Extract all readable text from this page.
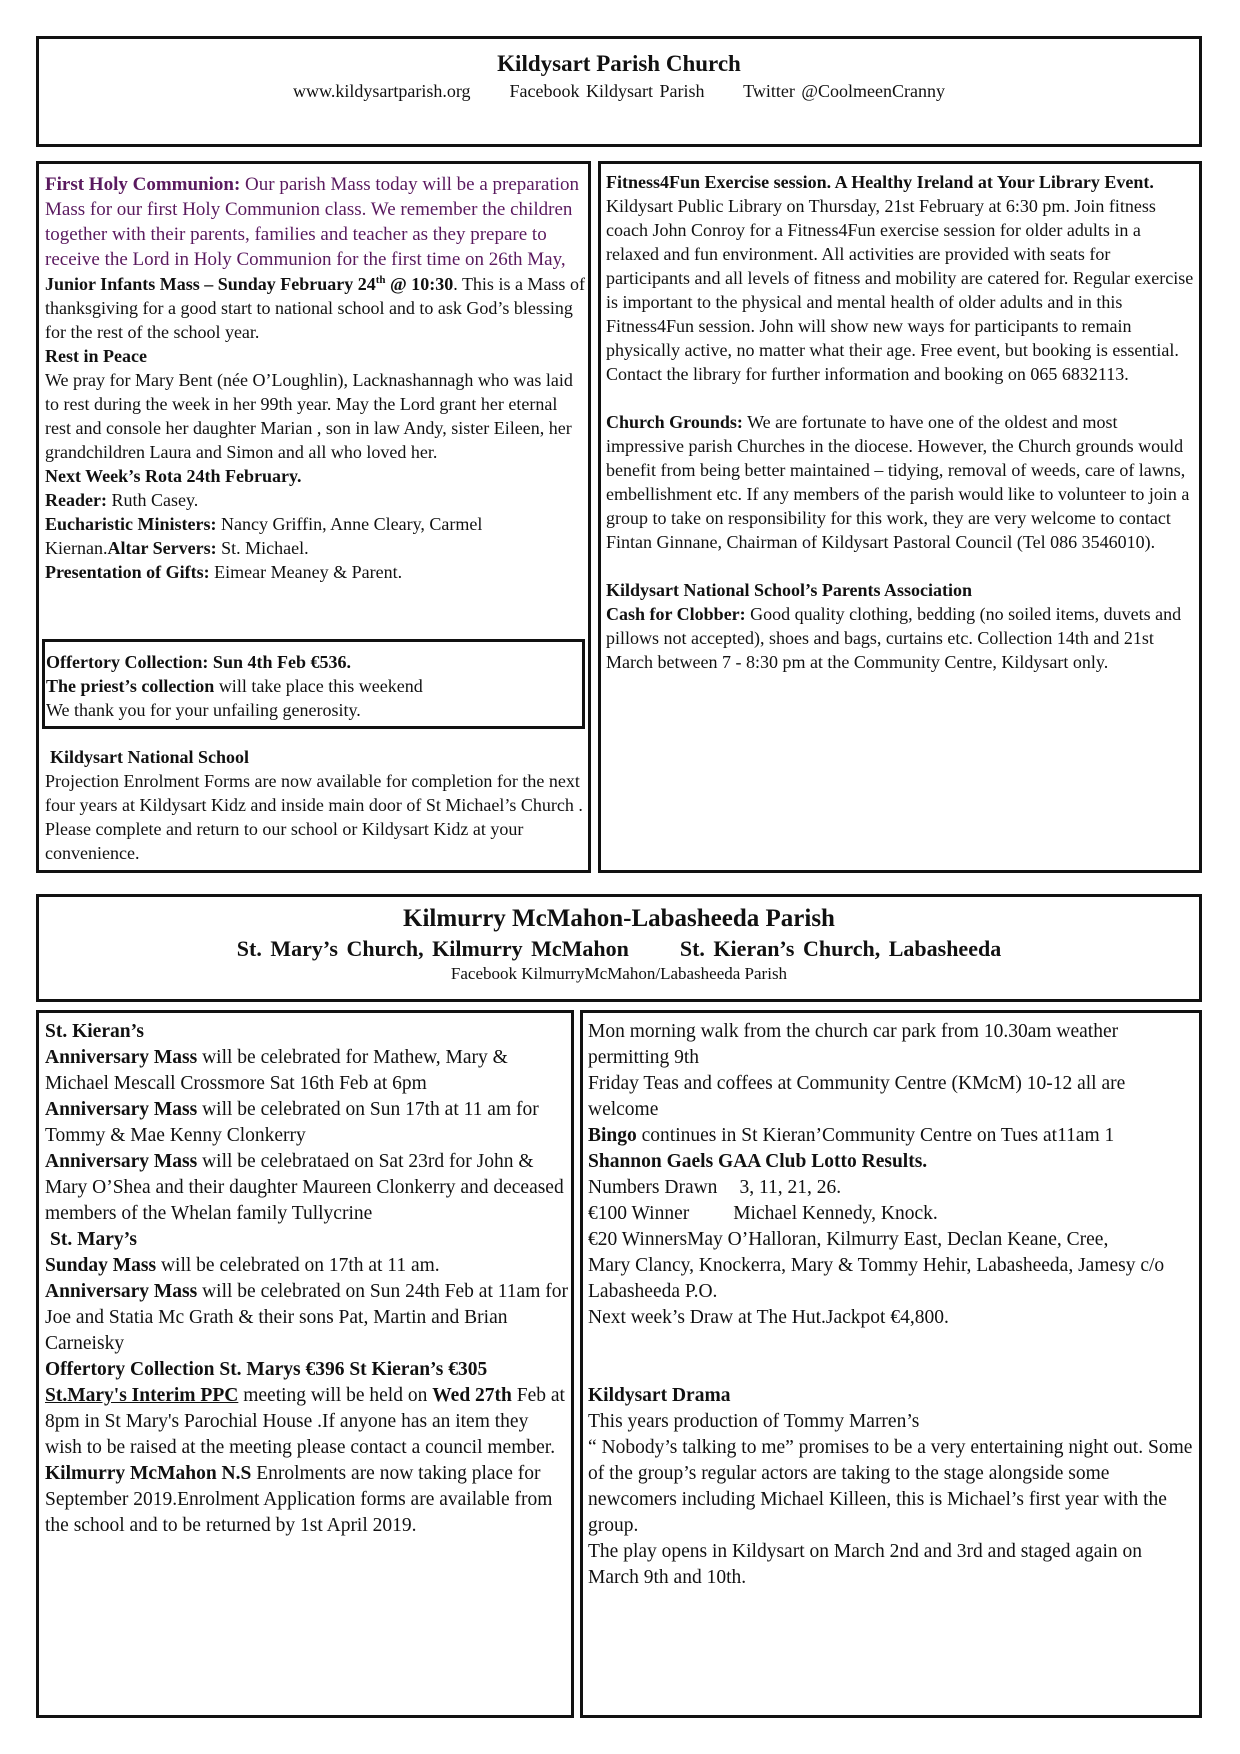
Kildysart Parish Church
www.kildysartparish.org Facebook Kildysart Parish Twitter @CoolmeenCranny

First Holy Communion: Our parish Mass today will be a preparation Mass for our first Holy Communion class. We remember the children together with their parents, families and teacher as they prepare to receive the Lord in Holy Communion for the first time on 26th May,

Junior Infants Mass – Sunday February 24th @ 10:30. This is a Mass of thanksgiving for a good start to national school and to ask God’s blessing for the rest of the school year.

Rest in Peace

We pray for Mary Bent (née O’Loughlin), Lacknashannagh who was laid to rest during the week in her 99th year. May the Lord grant her eternal rest and console her daughter Marian , son in law Andy, sister Eileen, her grandchildren Laura and Simon and all who loved her.

Next Week’s Rota 24th February.

Reader: Ruth Casey.

Eucharistic Ministers: Nancy Griffin, Anne Cleary, Carmel Kiernan.Altar Servers: St. Michael.

Presentation of Gifts: Eimear Meaney & Parent.

Offertory Collection: Sun 4th Feb €536.

The priest’s collection will take place this weekend

We thank you for your unfailing generosity.

Kildysart National School

Projection Enrolment Forms are now available for completion for the next four years at Kildysart Kidz and inside main door of St Michael’s Church . Please complete and return to our school or Kildysart Kidz at your convenience.

Fitness4Fun Exercise session. A Healthy Ireland at Your Library Event.

Kildysart Public Library on Thursday, 21st February at 6:30 pm. Join fitness coach John Conroy for a Fitness4Fun exercise session for older adults in a relaxed and fun environment. All activities are provided with seats for participants and all levels of fitness and mobility are catered for. Regular exercise is important to the physical and mental health of older adults and in this Fitness4Fun session. John will show new ways for participants to remain physically active, no matter what their age. Free event, but booking is essential. Contact the library for further information and booking on 065 6832113.

Church Grounds: We are fortunate to have one of the oldest and most impressive parish Churches in the diocese. However, the Church grounds would benefit from being better maintained – tidying, removal of weeds, care of lawns, embellishment etc. If any members of the parish would like to volunteer to join a group to take on responsibility for this work, they are very welcome to contact Fintan Ginnane, Chairman of Kildysart Pastoral Council (Tel 086 3546010).

Kildysart National School’s Parents Association

Cash for Clobber: Good quality clothing, bedding (no soiled items, duvets and pillows not accepted), shoes and bags, curtains etc. Collection 14th and 21st March between 7 - 8:30 pm at the Community Centre, Kildysart only.

Kilmurry McMahon-Labasheeda Parish
St. Mary’s Church, Kilmurry McMahon St. Kieran’s Church, Labasheeda
Facebook KilmurryMcMahon/Labasheeda Parish

St. Kieran’s

Anniversary Mass will be celebrated for Mathew, Mary & Michael Mescall Crossmore Sat 16th Feb at 6pm

Anniversary Mass will be celebrated on Sun 17th at 11 am for Tommy & Mae Kenny Clonkerry

Anniversary Mass will be celebrataed on Sat 23rd for John & Mary O’Shea and their daughter Maureen Clonkerry and deceased members of the Whelan family Tullycrine

St. Mary’s

Sunday Mass will be celebrated on 17th at 11 am.

Anniversary Mass will be celebrated on Sun 24th Feb at 11am for Joe and Statia Mc Grath & their sons Pat, Martin and Brian Carneisky

Offertory Collection St. Marys €396 St Kieran’s €305 St.Mary's Interim PPC meeting will be held on Wed 27th Feb at 8pm in St Mary's Parochial House .If anyone has an item they wish to be raised at the meeting please contact a council member.

Kilmurry McMahon N.S Enrolments are now taking place for September 2019.Enrolment Application forms are available from the school and to be returned by 1st April 2019.

Mon morning walk from the church car park from 10.30am weather permitting 9th

Friday Teas and coffees at Community Centre (KMcM) 10-12 all are welcome

Bingo continues in St Kieran’Community Centre on Tues at11am 1

Shannon Gaels GAA Club Lotto Results.

Numbers Drawn 3, 11, 21, 26.

€100 Winner Michael Kennedy, Knock.

€20 WinnersMay O’Halloran, Kilmurry East, Declan Keane, Cree,

Mary Clancy, Knockerra, Mary & Tommy Hehir, Labasheeda, Jamesy c/o Labasheeda P.O.

Next week’s Draw at The Hut.Jackpot €4,800.

Kildysart Drama

This years production of Tommy Marren’s

“ Nobody’s talking to me” promises to be a very entertaining night out. Some of the group’s regular actors are taking to the stage alongside some newcomers including Michael Killeen, this is Michael’s first year with the group.

The play opens in Kildysart on March 2nd and 3rd and staged again on March 9th and 10th.
